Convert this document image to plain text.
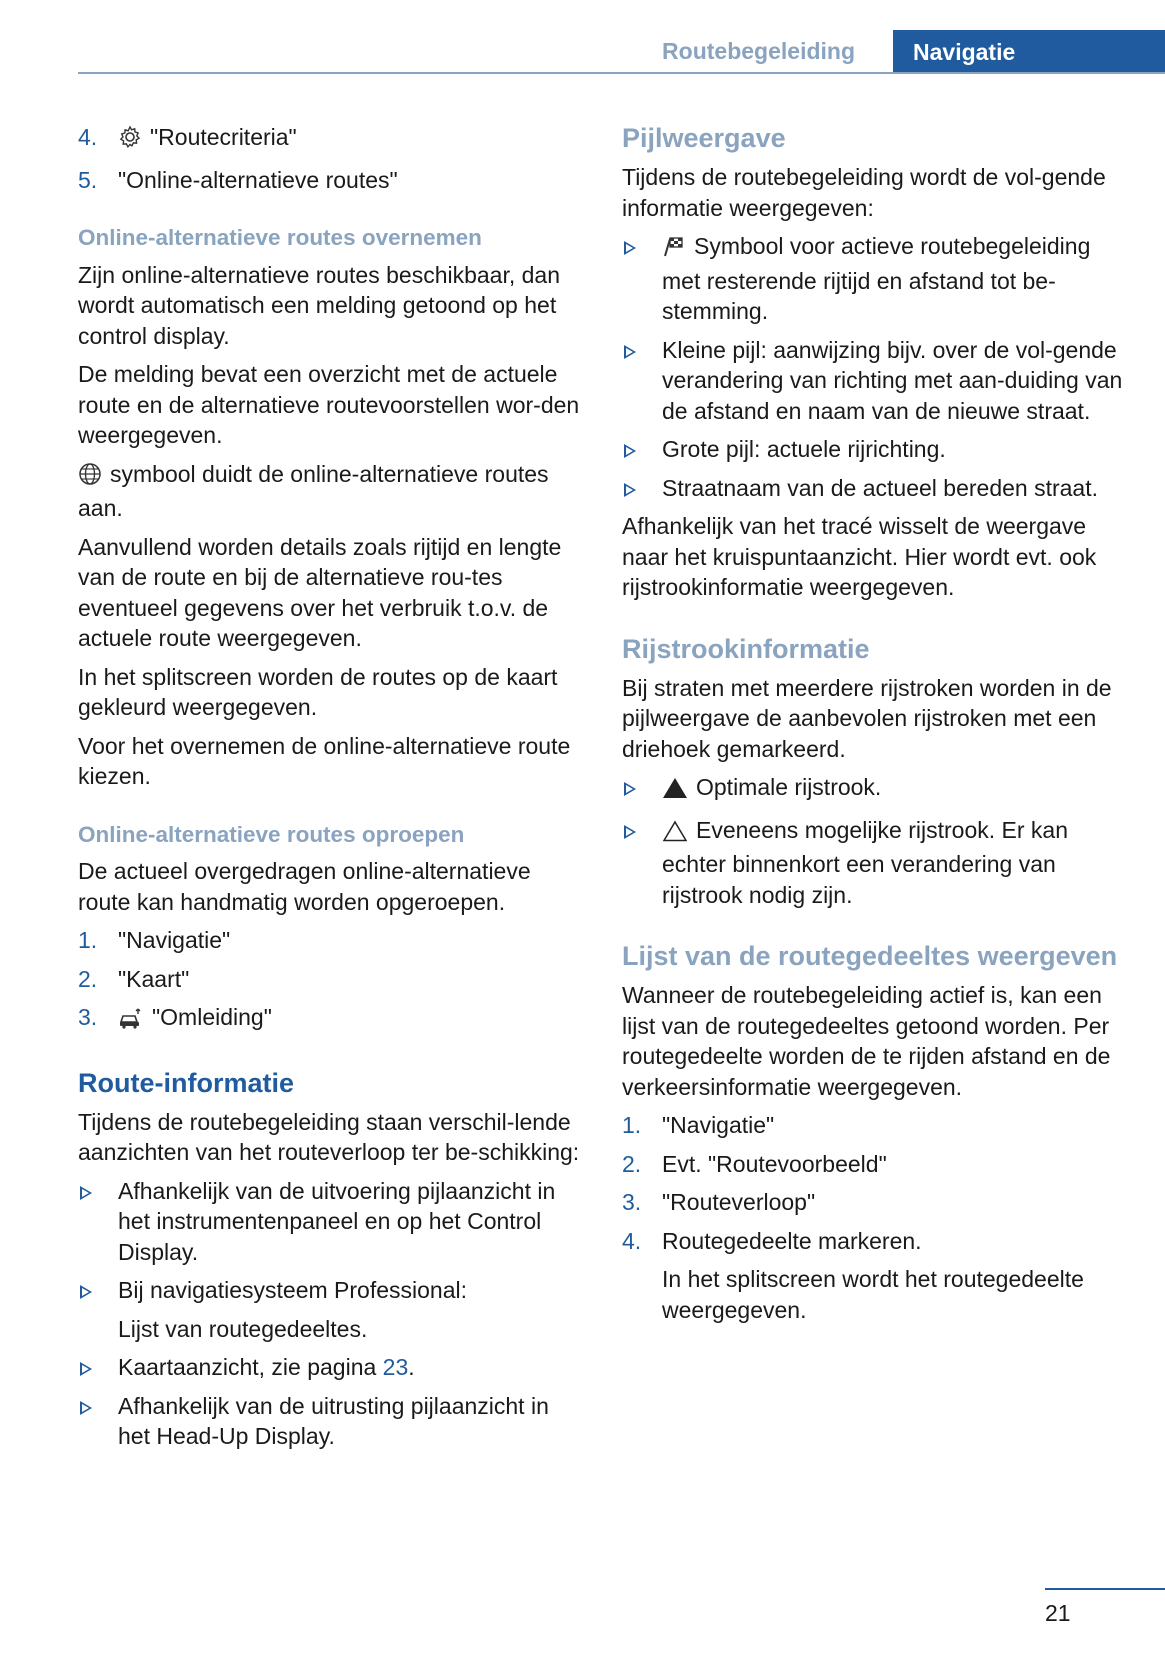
Routebegeleiding	Navigatie
4. "Routecriteria"
5. "Online-alternatieve routes"
Online-alternatieve routes overnemen

Zijn online-alternatieve routes beschikbaar, dan wordt automatisch een melding getoond op het control display.

De melding bevat een overzicht met de actuele route en de alternatieve routevoorstellen wor-den weergegeven.

symbool duidt de online-alternatieve routes aan.

Aanvullend worden details zoals rijtijd en lengte van de route en bij de alternatieve rou-tes eventueel gegevens over het verbruik t.o.v. de actuele route weergegeven.

In het splitscreen worden de routes op de kaart gekleurd weergegeven.

Voor het overnemen de online-alternatieve route kiezen.

Online-alternatieve routes oproepen

De actueel overgedragen online-alternatieve route kan handmatig worden opgeroepen.

1. "Navigatie"
2. "Kaart"
3. "Omleiding"
Route-informatie

Tijdens de routebegeleiding staan verschil-lende aanzichten van het routeverloop ter be-schikking:

Afhankelijk van de uitvoering pijlaanzicht in het instrumentenpaneel en op het Control Display.
Bij navigatiesysteem Professional:
Lijst van routegedeeltes.
Kaartaanzicht, zie pagina 23.
Afhankelijk van de uitrusting pijlaanzicht in het Head-Up Display.
Pijlweergave

Tijdens de routebegeleiding wordt de vol-gende informatie weergegeven:

Symbool voor actieve routebegeleiding met resterende rijtijd en afstand tot be-stemming.
Kleine pijl: aanwijzing bijv. over de vol-gende verandering van richting met aan-duiding van de afstand en naam van de nieuwe straat.
Grote pijl: actuele rijrichting.
Straatnaam van de actueel bereden straat.

Afhankelijk van het tracé wisselt de weergave naar het kruispuntaanzicht. Hier wordt evt. ook rijstrookinformatie weergegeven.

Rijstrookinformatie

Bij straten met meerdere rijstroken worden in de pijlweergave de aanbevolen rijstroken met een driehoek gemarkeerd.

Optimale rijstrook.
Eveneens mogelijke rijstrook. Er kan echter binnenkort een verandering van rijstrook nodig zijn.
Lijst van de routegedeeltes weergeven

Wanneer de routebegeleiding actief is, kan een lijst van de routegedeeltes getoond worden. Per routegedeelte worden de te rijden afstand en de verkeersinformatie weergegeven.

1. "Navigatie"
2. Evt. "Routevoorbeeld"
3. "Routeverloop"
4. Routegedeelte markeren.
In het splitscreen wordt het routegedeelte weergegeven.
21
